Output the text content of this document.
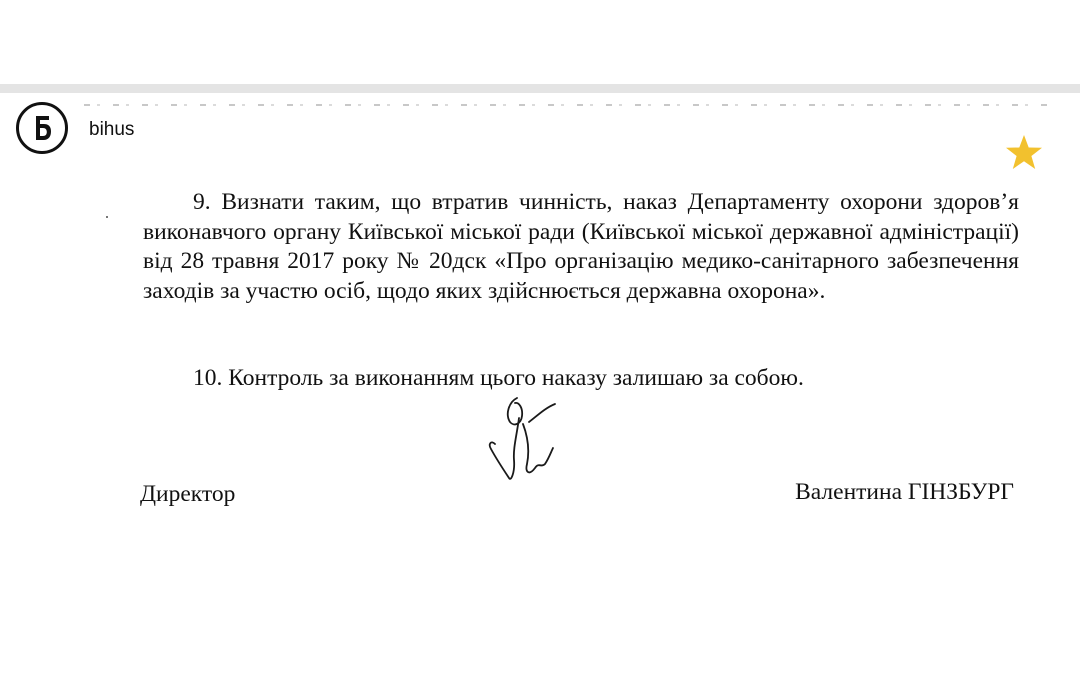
bihus
9. Визнати таким, що втратив чинність, наказ Департаменту охорони здоров’я виконавчого органу Київської міської ради (Київської міської державної адміністрації) від 28 травня 2017 року № 20дск «Про організацію медико-санітарного забезпечення заходів за участю осіб, щодо яких здійснюється державна охорона».
10. Контроль за виконанням цього наказу залишаю за собою.
Директор	Валентина ГІНЗБУРГ
